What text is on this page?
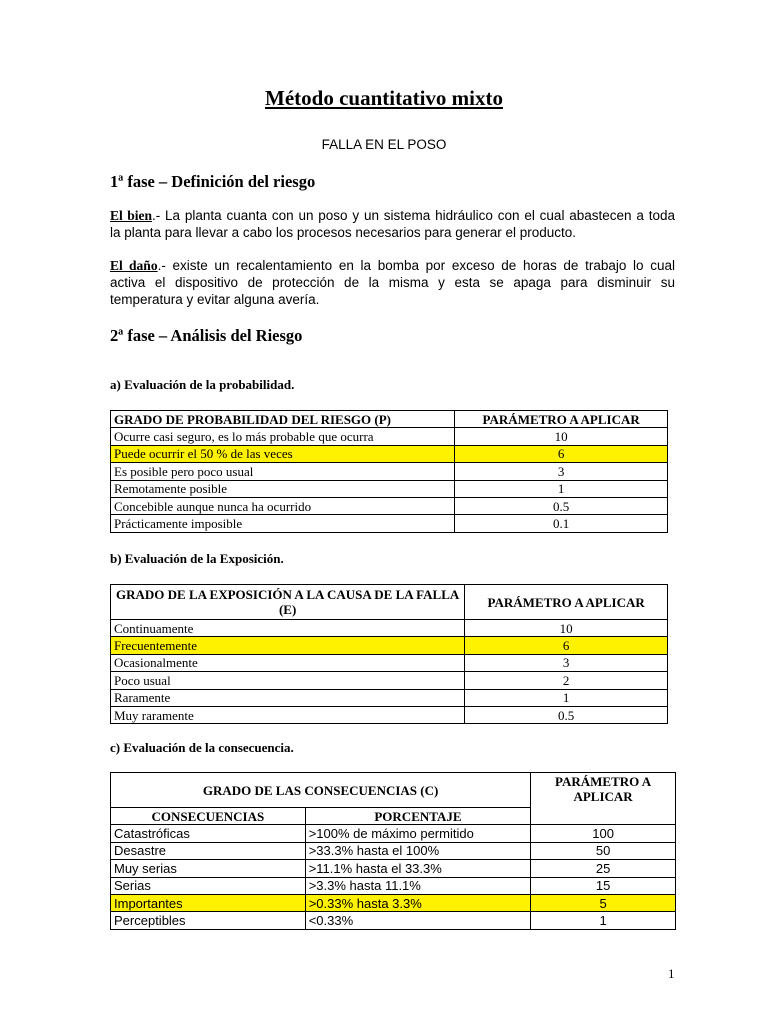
Método cuantitativo mixto
FALLA EN EL POSO
1ª fase – Definición del riesgo
El bien.- La planta cuanta con un poso y un sistema hidráulico con el cual abastecen a toda
la planta para llevar a cabo los procesos necesarios para generar el producto.
El daño.- existe un recalentamiento en la bomba por exceso de horas de trabajo lo cual
activa el dispositivo de protección de la misma y esta se apaga para disminuir su
temperatura y evitar alguna avería.
2ª fase – Análisis del Riesgo
a) Evaluación de la probabilidad.
GRADO DE PROBABILIDAD DEL RIESGO (P)	PARÁMETRO A APLICAR
Ocurre casi seguro, es lo más probable que ocurra	10
Puede ocurrir el 50 % de las veces	6
Es posible pero poco usual	3
Remotamente posible	1
Concebible aunque nunca ha ocurrido	0.5
Prácticamente imposible	0.1
b) Evaluación de la Exposición.
GRADO DE LA EXPOSICIÓN A LA CAUSA DE LA FALLA (E)	PARÁMETRO A APLICAR
Continuamente	10
Frecuentemente	6
Ocasionalmente	3
Poco usual	2
Raramente	1
Muy raramente	0.5
c) Evaluación de la consecuencia.
GRADO DE LAS CONSECUENCIAS (C)		PARÁMETRO A APLICAR
CONSECUENCIAS	PORCENTAJE	
Catastróficas	>100% de máximo permitido	100
Desastre	>33.3% hasta el 100%	50
Muy serias	>11.1% hasta el 33.3%	25
Serias	>3.3% hasta 11.1%	15
Importantes	>0.33% hasta 3.3%	5
Perceptibles	<0.33%	1
1
